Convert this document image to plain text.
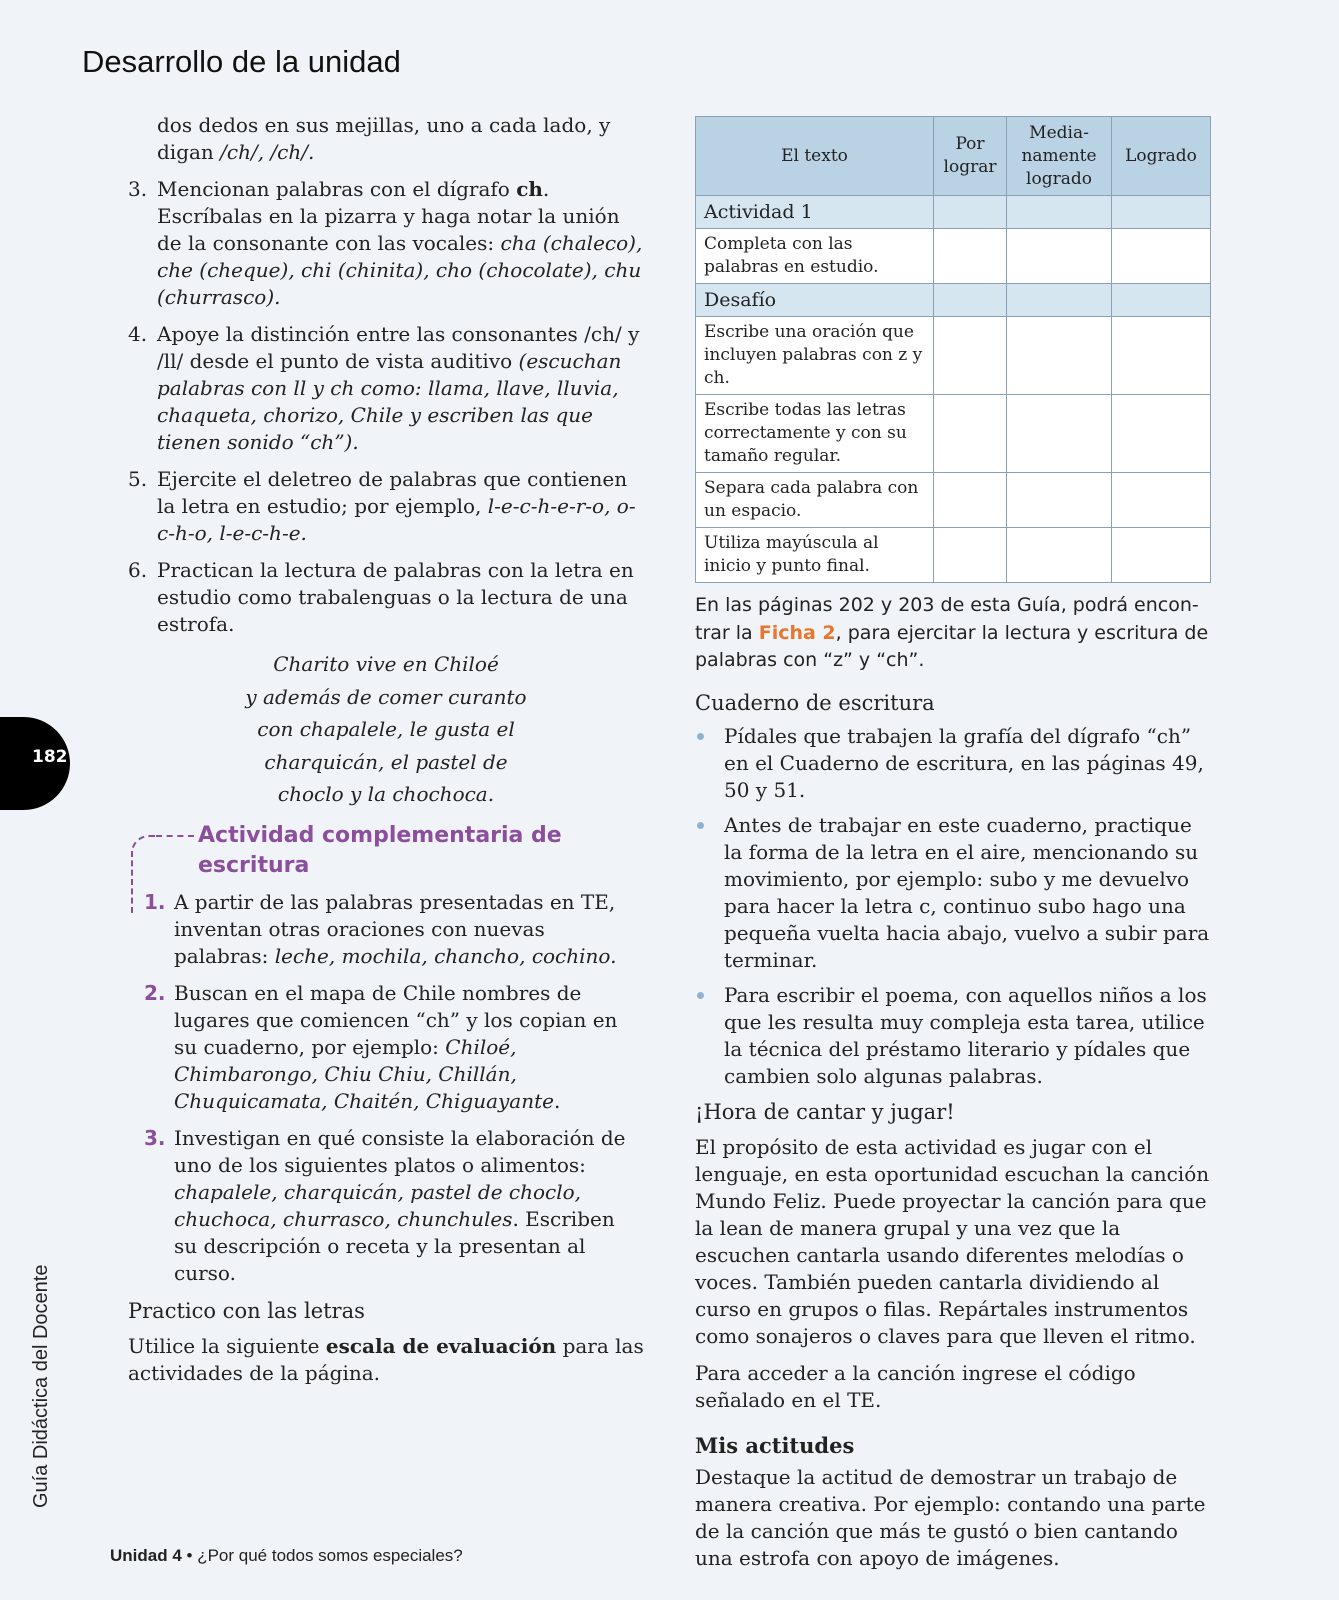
Desarrollo de la unidad

dos dedos en sus mejillas, uno a cada lado, y digan /ch/, /ch/.

3. Mencionan palabras con el dígrafo ch. Escríbalas en la pizarra y haga notar la unión de la consonante con las vocales: cha (chaleco), che (cheque), chi (chinita), cho (chocolate), chu (churrasco).
4. Apoye la distinción entre las consonantes /ch/ y /ll/ desde el punto de vista auditivo (escuchan palabras con ll y ch como: llama, llave, lluvia, chaqueta, chorizo, Chile y escriben las que tienen sonido “ch”).
5. Ejercite el deletreo de palabras que contienen la letra en estudio; por ejemplo, l-e-c-h-e-r-o, o-c-h-o, l-e-c-h-e.
6. Practican la lectura de palabras con la letra en estudio como trabalenguas o la lectura de una estrofa.
Charito vive en Chiloé
y además de comer curanto
con chapalele, le gusta el
charquicán, el pastel de
choclo y la chochoca.
Actividad complementaria de escritura
1. A partir de las palabras presentadas en TE, inventan otras oraciones con nuevas palabras: leche, mochila, chancho, cochino.
2. Buscan en el mapa de Chile nombres de lugares que comiencen “ch” y los copian en su cuaderno, por ejemplo: Chiloé, Chimbarongo, Chiu Chiu, Chillán, Chuquicamata, Chaitén, Chiguayante.
3. Investigan en qué consiste la elaboración de uno de los siguientes platos o alimentos: chapalele, charquicán, pastel de choclo, chuchoca, churrasco, chunchules. Escriben su descripción o receta y la presentan al curso.

Practico con las letras

Utilice la siguiente escala de evaluación para las actividades de la página.

El texto	Por lograr	Medianamente logrado	Logrado
Actividad 1			
Completa con las palabras en estudio.			
Desafío			
Escribe una oración que incluyen palabras con z y ch.			
Escribe todas las letras correctamente y con su tamaño regular.			
Separa cada palabra con un espacio.			
Utiliza mayúscula al inicio y punto final.			

En las páginas 202 y 203 de esta Guía, podrá encontrar la Ficha 2, para ejercitar la lectura y escritura de palabras con “z” y “ch”.

Cuaderno de escritura

Pídales que trabajen la grafía del dígrafo “ch” en el Cuaderno de escritura, en las páginas 49, 50 y 51.
Antes de trabajar en este cuaderno, practique la forma de la letra en el aire, mencionando su movimiento, por ejemplo: subo y me devuelvo para hacer la letra c, continuo subo hago una pequeña vuelta hacia abajo, vuelvo a subir para terminar.
Para escribir el poema, con aquellos niños a los que les resulta muy compleja esta tarea, utilice la técnica del préstamo literario y pídales que cambien solo algunas palabras.

¡Hora de cantar y jugar!

El propósito de esta actividad es jugar con el lenguaje, en esta oportunidad escuchan la canción Mundo Feliz. Puede proyectar la canción para que la lean de manera grupal y una vez que la escuchen cantarla usando diferentes melodías o voces. También pueden cantarla dividiendo al curso en grupos o filas. Repártales instrumentos como sonajeros o claves para que lleven el ritmo.

Para acceder a la canción ingrese el código señalado en el TE.

Mis actitudes

Destaque la actitud de demostrar un trabajo de manera creativa. Por ejemplo: contando una parte de la canción que más te gustó o bien cantando una estrofa con apoyo de imágenes.

182
Guía Didáctica del Docente
Unidad 4 • ¿Por qué todos somos especiales?
